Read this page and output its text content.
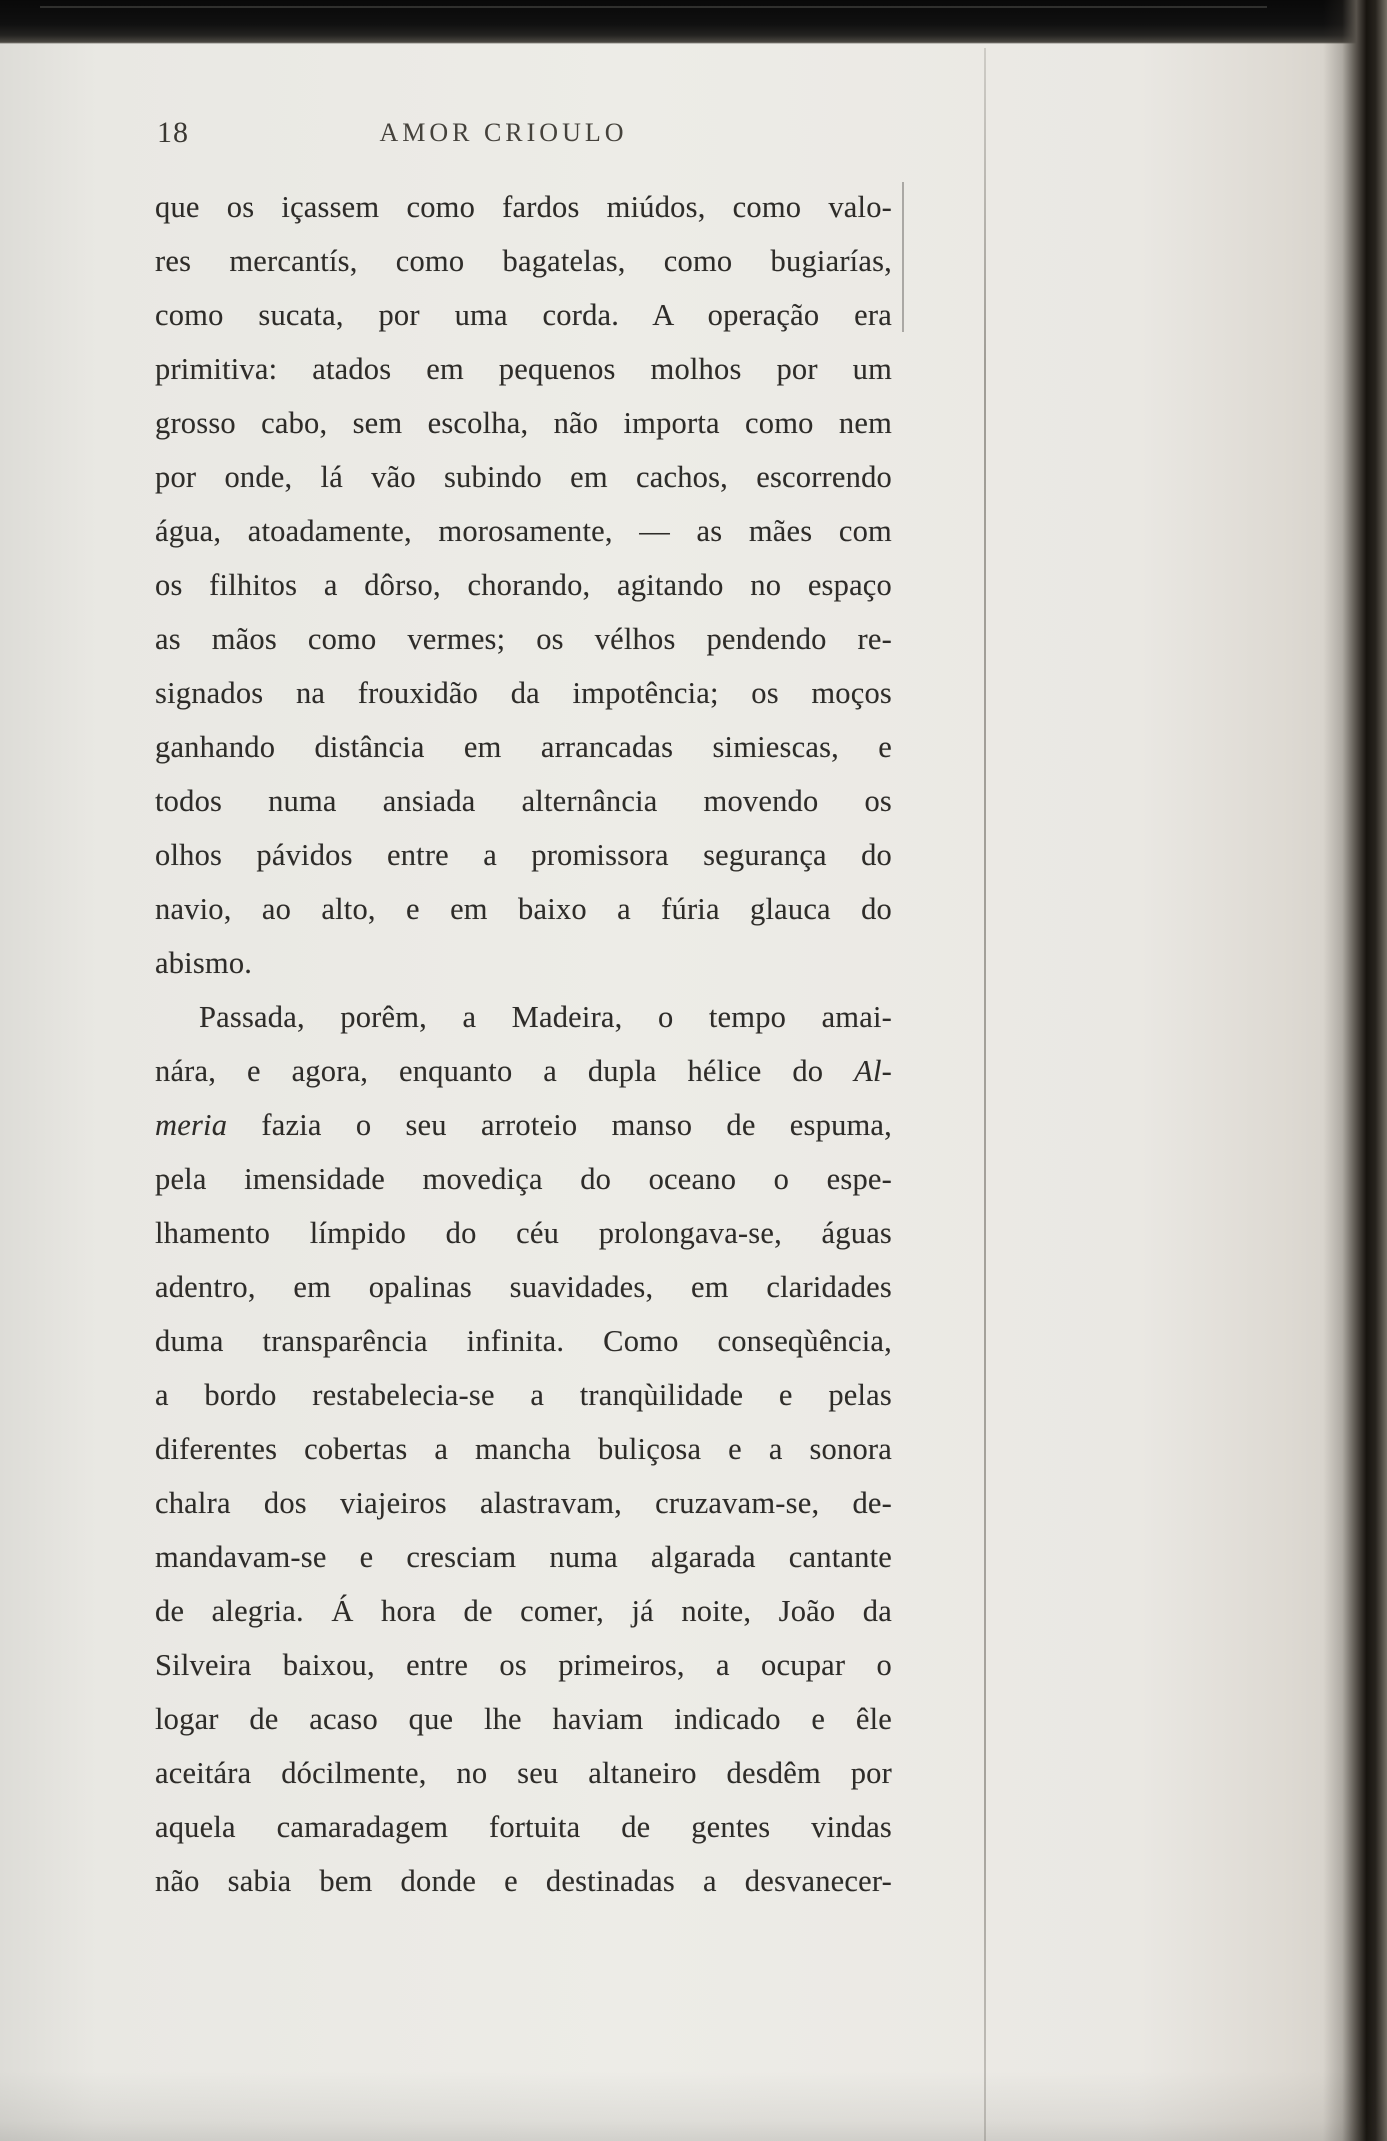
18	AMOR CRIOULO
que os içassem como fardos miúdos, como valo-
res mercantís, como bagatelas, como bugiarías,
como sucata, por uma corda. A operação era
primitiva: atados em pequenos molhos por um
grosso cabo, sem escolha, não importa como nem
por onde, lá vão subindo em cachos, escorrendo
água, atoadamente, morosamente, — as mães com
os filhitos a dôrso, chorando, agitando no espaço
as mãos como vermes; os vélhos pendendo re-
signados na frouxidão da impotência; os moços
ganhando distância em arrancadas simiescas, e
todos numa ansiada alternância movendo os
olhos pávidos entre a promissora segurança do
navio, ao alto, e em baixo a fúria glauca do
abismo.
Passada, porêm, a Madeira, o tempo amai-
nára, e agora, enquanto a dupla hélice do Al-
meria fazia o seu arroteio manso de espuma,
pela imensidade movediça do oceano o espe-
lhamento límpido do céu prolongava-se, águas
adentro, em opalinas suavidades, em claridades
duma transparência infinita. Como conseqùência,
a bordo restabelecia-se a tranqùilidade e pelas
diferentes cobertas a mancha buliçosa e a sonora
chalra dos viajeiros alastravam, cruzavam-se, de-
mandavam-se e cresciam numa algarada cantante
de alegria. Á hora de comer, já noite, João da
Silveira baixou, entre os primeiros, a ocupar o
logar de acaso que lhe haviam indicado e êle
aceitára dócilmente, no seu altaneiro desdêm por
aquela camaradagem fortuita de gentes vindas
não sabia bem donde e destinadas a desvanecer-
